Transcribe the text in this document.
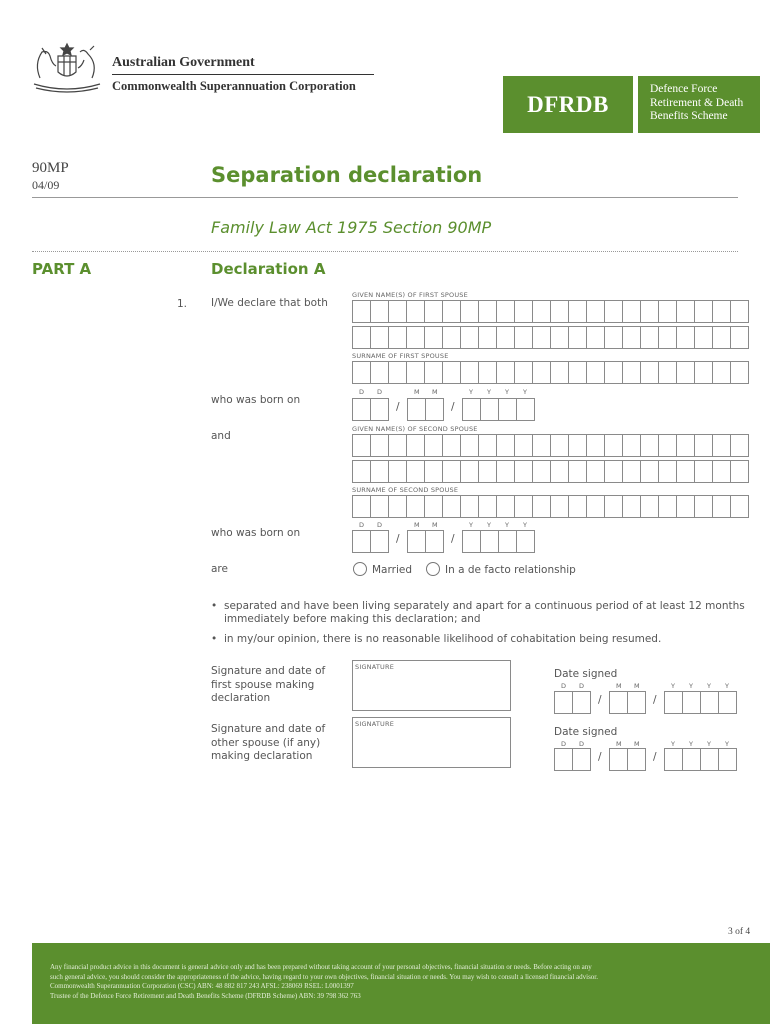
Australian Government
Commonwealth Superannuation Corporation
DFRDB
Defence Force
Retirement & Death
Benefits Scheme
90MP
04/09	Separation declaration
Family Law Act 1975 Section 90MP
PART A	Declaration A
1. I/We declare that both
GIVEN NAME(S) OF FIRST SPOUSE
SURNAME OF FIRST SPOUSE
D D	M M	Y Y Y Y
who was born on
/	/
and
GIVEN NAME(S) OF SECOND SPOUSE
SURNAME OF SECOND SPOUSE
D D	M M	Y Y Y Y
who was born on	/	/
are	Married	In a de facto relationship
• separated and have been living separately and apart for a continuous period of at least 12 months
immediately before making this declaration; and
• in my/our opinion, there is no reasonable likelihood of cohabitation being resumed.
Signature and date of
first spouse making
declaration
SIGNATURE
Date signed
D D	M M	Y Y Y Y
/	/
Signature and date of
other spouse (if any)
making declaration
SIGNATURE
Date signed
D D	M M	Y Y Y Y
/	/
3 of 4
Any financial product advice in this document is general advice only and has been prepared without taking account of your personal objectives, financial situation or needs. Before acting on any
such general advice, you should consider the appropriateness of the advice, having regard to your own objectives, financial situation or needs. You may wish to consult a licensed financial advisor.
Commonwealth Superannuation Corporation (CSC) ABN: 48 882 817 243 AFSL: 238069 RSEL: L0001397
Trustee of the Defence Force Retirement and Death Benefits Scheme (DFRDB Scheme) ABN: 39 798 362 763
